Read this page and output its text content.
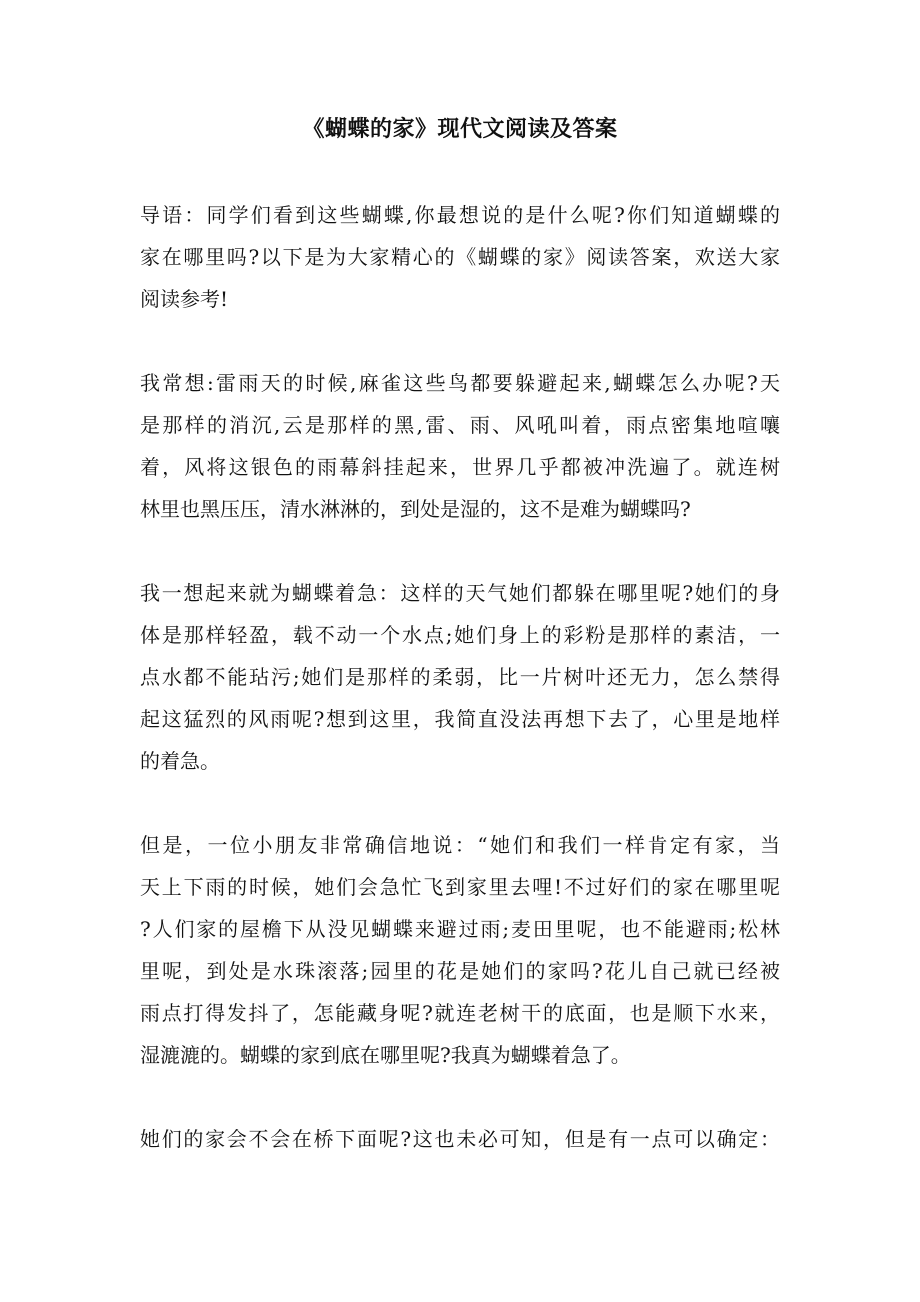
《蝴蝶的家》现代文阅读及答案

导语：同学们看到这些蝴蝶,你最想说的是什么呢?你们知道蝴蝶的

家在哪里吗?以下是为大家精心的《蝴蝶的家》阅读答案，欢送大家

阅读参考!

我常想:雷雨天的时候,麻雀这些鸟都要躲避起来,蝴蝶怎么办呢?天

是那样的消沉,云是那样的黑,雷、雨、风吼叫着，雨点密集地喧嚷

着，风将这银色的雨幕斜挂起来，世界几乎都被冲洗遍了。就连树

林里也黑压压，清水淋淋的，到处是湿的，这不是难为蝴蝶吗?

我一想起来就为蝴蝶着急：这样的天气她们都躲在哪里呢?她们的身

体是那样轻盈，载不动一个水点;她们身上的彩粉是那样的素洁，一

点水都不能玷污;她们是那样的柔弱，比一片树叶还无力，怎么禁得

起这猛烈的风雨呢?想到这里，我简直没法再想下去了，心里是地样

的着急。

但是，一位小朋友非常确信地说：“她们和我们一样肯定有家，当

天上下雨的时候，她们会急忙飞到家里去哩!不过好们的家在哪里呢

?人们家的屋檐下从没见蝴蝶来避过雨;麦田里呢，也不能避雨;松林

里呢，到处是水珠滚落;园里的花是她们的家吗?花儿自己就已经被

雨点打得发抖了，怎能藏身呢?就连老树干的底面，也是顺下水来，

湿漉漉的。蝴蝶的家到底在哪里呢?我真为蝴蝶着急了。

她们的家会不会在桥下面呢?这也未必可知，但是有一点可以确定：
